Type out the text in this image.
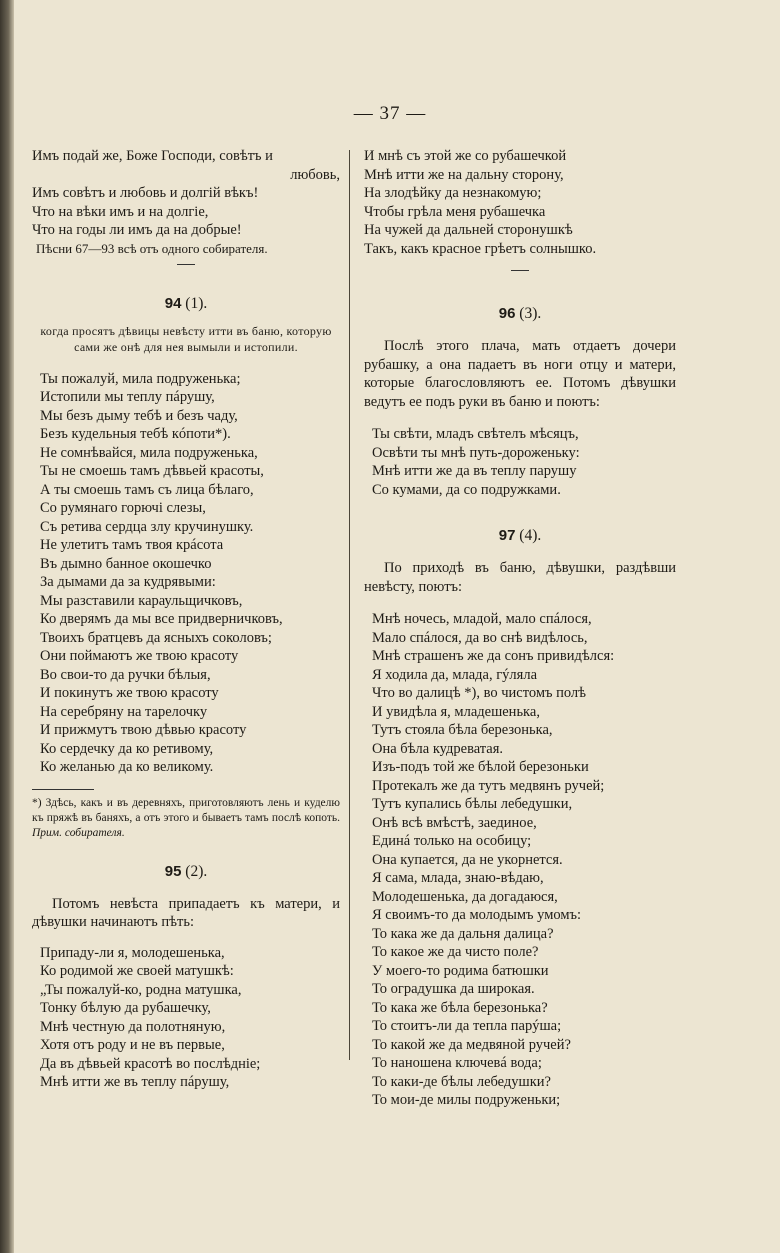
— 37 —
Имъ подай же, Боже Господи, совѣтъ и
любовь,
Имъ совѣтъ и любовь и долгій вѣкъ!
Что на вѣки имъ и на долгіе,
Что на годы ли имъ да на добрые!
Пѣсни 67—93 всѣ отъ одного собирателя.
94 (1).
когда просятъ дѣвицы невѣсту итти въ баню, которую сами же онѣ для нея вымыли и истопили.
Ты пожалуй, мила подруженька;
Истопили мы теплу пáрушу,
Мы безъ дыму тебѣ и безъ чаду,
Безъ кудельныя тебѣ кóпоти*).
Не сомнѣвайся, мила подруженька,
Ты не смоешь тамъ дѣвьей красоты,
А ты смоешь тамъ съ лица бѣлаго,
Со румянаго горючі слезы,
Съ ретива сердца злу кручинушку.
Не улетитъ тамъ твоя крáсота
Въ дымно банное окошечко
За дымами да за кудрявыми:
Мы разставили караульщичковъ,
Ко дверямъ да мы все придверничковъ,
Твоихъ братцевъ да ясныхъ соколовъ;
Они поймаютъ же твою красоту
Во свои-то да ручки бѣлыя,
И покинутъ же твою красоту
На серебряну на тарелочку
И прижмутъ твою дѣвью красоту
Ко сердечку да ко ретивому,
Ко желанью да ко великому.
*) Здѣсь, какъ и въ деревняхъ, приготовляютъ лень и куделю къ пряжѣ въ баняхъ, а отъ этого и бываетъ тамъ послѣ копоть. Прим. собирателя.
95 (2).
Потомъ невѣста припадаетъ къ матери, и дѣвушки начинаютъ пѣть:
Припаду-ли я, молодешенька,
Ко родимой же своей матушкѣ:
„Ты пожалуй-ко, родна матушка,
Тонку бѣлую да рубашечку,
Мнѣ честную да полотняную,
Хотя отъ роду и не въ первые,
Да въ дѣвьей красотѣ во послѣдніе;
Мнѣ итти же въ теплу пáрушу,
И мнѣ съ этой же со рубашечкой
Мнѣ итти же на дальну сторону,
На злодѣйку да незнакомую;
Чтобы грѣла меня рубашечка
На чужей да дальней сторонушкѣ
Такъ, какъ красное грѣетъ солнышко.
96 (3).
Послѣ этого плача, мать отдаетъ дочери рубашку, а она падаетъ въ ноги отцу и матери, которые благословляютъ ее. Потомъ дѣвушки ведутъ ее подъ руки въ баню и поютъ:
Ты свѣти, младъ свѣтелъ мѣсяцъ,
Освѣти ты мнѣ путь-дороженьку:
Мнѣ итти же да въ теплу парушу
Со кумами, да со подружками.
97 (4).
По приходѣ въ баню, дѣвушки, раздѣвши невѣсту, поютъ:
Мнѣ ночесь, младой, мало спáлося,
Мало спáлося, да во снѣ видѣлось,
Мнѣ страшенъ же да сонъ привидѣлся:
Я ходила да, млада, гýляла
Что во далицѣ *), во чистомъ полѣ
И увидѣла я, младешенька,
Тутъ стояла бѣла березонька,
Она бѣла кудреватая.
Изъ-подъ той же бѣлой березоньки
Протекалъ же да тутъ медвянъ ручей;
Тутъ купались бѣлы лебедушки,
Онѣ всѣ вмѣстѣ, заединое,
Единá только на особицу;
Она купается, да не укорнется.
Я сама, млада, знаю-вѣдаю,
Молодешенька, да догадаюся,
Я своимъ-то да молодымъ умомъ:
То кака же да дальня далица?
То какое же да чисто поле?
У моего-то родима батюшки
То оградушка да широкая.
То кака же бѣла березонька?
То стоитъ-ли да тепла парýша;
То какой же да медвяной ручей?
То наношена ключевá вода;
То каки-де бѣлы лебедушки?
То мои-де милы подруженьки;
